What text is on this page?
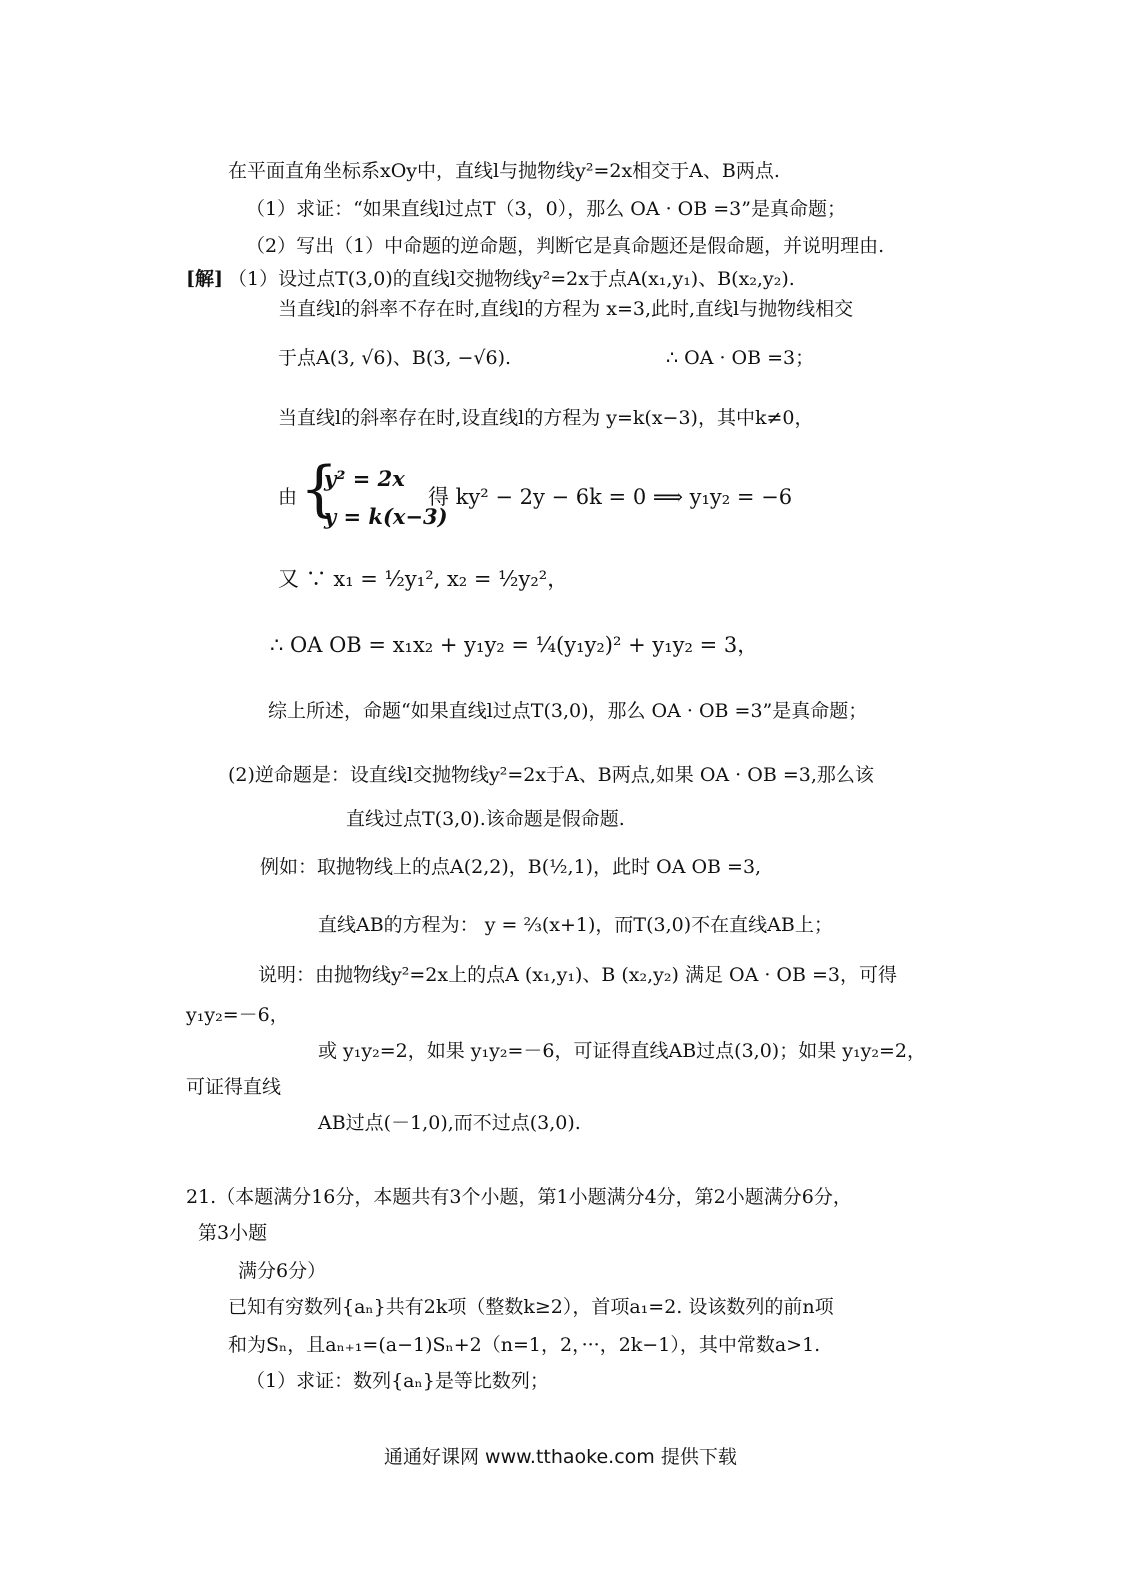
在平面直角坐标系xOy中，直线l与抛物线y²=2x相交于A、B两点.
（1）求证：“如果直线l过点T（3，0），那么 OA · OB =3”是真命题；
（2）写出（1）中命题的逆命题，判断它是真命题还是假命题，并说明理由.
[解] （1）设过点T(3,0)的直线l交抛物线y²=2x于点A(x₁,y₁)、B(x₂,y₂).
当直线l的斜率不存在时,直线l的方程为 x=3,此时,直线l与抛物线相交
于点A(3, √6)、B(3, −√6).	∴ OA · OB =3；
当直线l的斜率存在时,设直线l的方程为 y=k(x−3)，其中k≠0，
由 {
y² = 2x
y = k(x−3)
得 ky² − 2y − 6k = 0 ⟹ y₁y₂ = −6
又 ∵ x₁ = ½y₁², x₂ = ½y₂²，
∴ OA OB = x₁x₂ + y₁y₂ = ¼(y₁y₂)² + y₁y₂ = 3，
综上所述，命题“如果直线l过点T(3,0)，那么 OA · OB =3”是真命题；
(2)逆命题是：设直线l交抛物线y²=2x于A、B两点,如果 OA · OB =3,那么该
直线过点T(3,0).该命题是假命题.
例如：取抛物线上的点A(2,2)，B(½,1)，此时 OA OB =3,
直线AB的方程为： y = ⅔(x+1)，而T(3,0)不在直线AB上；
说明：由抛物线y²=2x上的点A (x₁,y₁)、B (x₂,y₂) 满足 OA · OB =3，可得
y₁y₂=－6，
或 y₁y₂=2，如果 y₁y₂=－6，可证得直线AB过点(3,0)；如果 y₁y₂=2，
可证得直线
AB过点(－1,0),而不过点(3,0).
21.（本题满分16分，本题共有3个小题，第1小题满分4分，第2小题满分6分，
第3小题
满分6分）
已知有穷数列{aₙ}共有2k项（整数k≥2），首项a₁=2. 设该数列的前n项
和为Sₙ，且aₙ₊₁=(a−1)Sₙ+2（n=1，2，···，2k−1），其中常数a>1.
（1）求证：数列{aₙ}是等比数列；
通通好课网 www.tthaoke.com 提供下载
